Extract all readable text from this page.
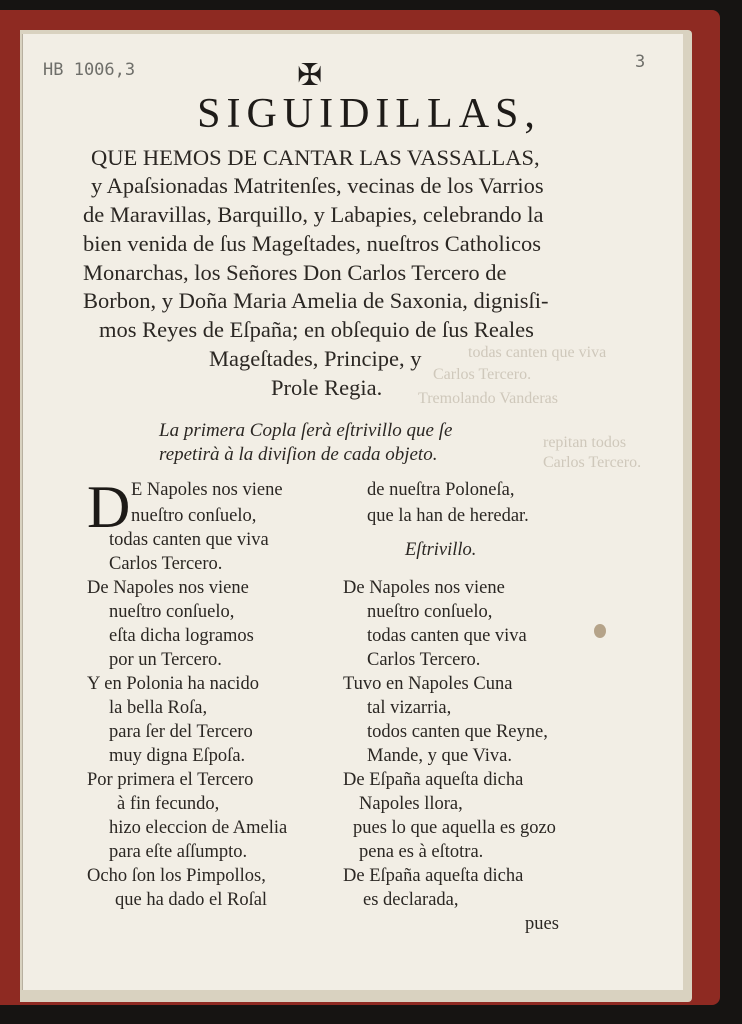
todas canten que viva
Carlos Tercero.
Tremolando Vanderas
repitan todos
Carlos Tercero.
HB 1006,3	3
✠
SIGUIDILLAS,
QUE HEMOS DE CANTAR LAS VASSALLAS,
y Apaſsionadas Matritenſes, vecinas de los Varrios
de Maravillas, Barquillo, y Labapies, celebrando la
bien venida de ſus Mageſtades, nueſtros Catholicos
Monarchas, los Señores Don Carlos Tercero de
Borbon, y Doña Maria Amelia de Saxonia, dignisſi-
mos Reyes de Eſpaña; en obſequio de ſus Reales
Mageſtades, Principe, y
Prole Regia.
La primera Copla ſerà eſtrivillo que ſe
repetirà à la diviſion de cada objeto.
D E Napoles nos viene
nueſtro conſuelo,
todas canten que viva
Carlos Tercero.
De Napoles nos viene
nueſtro conſuelo,
eſta dicha logramos
por un Tercero.
Y en Polonia ha nacido
la bella Roſa,
para ſer del Tercero
muy digna Eſpoſa.
Por primera el Tercero
à fin fecundo,
hizo eleccion de Amelia
para eſte aſſumpto.
Ocho ſon los Pimpollos,
que ha dado el Roſal
de nueſtra Poloneſa,
que la han de heredar.
Eſtrivillo.
De Napoles nos viene
nueſtro conſuelo,
todas canten que viva
Carlos Tercero.
Tuvo en Napoles Cuna
tal vizarria,
todos canten que Reyne,
Mande, y que Viva.
De Eſpaña aqueſta dicha
Napoles llora,
pues lo que aquella es gozo
pena es à eſtotra.
De Eſpaña aqueſta dicha
es declarada,
pues
